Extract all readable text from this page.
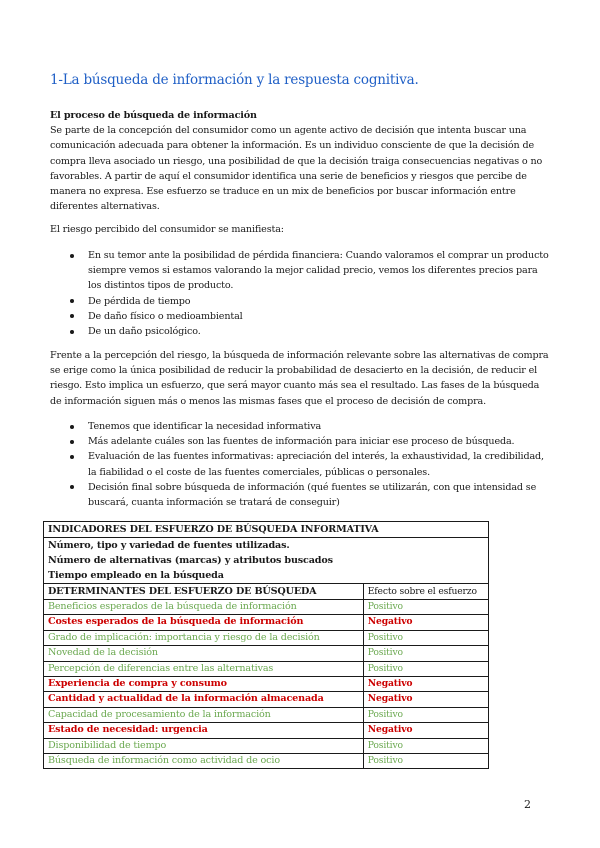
1-La búsqueda de información y la respuesta cognitiva.
El proceso de búsqueda de información
Se parte de la concepción del consumidor como un agente activo de decisión que intenta buscar una comunicación adecuada para obtener la información. Es un individuo consciente de que la decisión de compra lleva asociado un riesgo, una posibilidad de que la decisión traiga consecuencias negativas o no favorables. A partir de aquí el consumidor identifica una serie de beneficios y riesgos que percibe de manera no expresa. Ese esfuerzo se traduce en un mix de beneficios por buscar información entre diferentes alternativas.
El riesgo percibido del consumidor se manifiesta:
En su temor ante la posibilidad de pérdida financiera: Cuando valoramos el comprar un producto siempre vemos si estamos valorando la mejor calidad precio, vemos los diferentes precios para los distintos tipos de producto.
De pérdida de tiempo
De daño físico o medioambiental
De un daño psicológico.
Frente a la percepción del riesgo, la búsqueda de información relevante sobre las alternativas de compra se erige como la única posibilidad de reducir la probabilidad de desacierto en la decisión, de reducir el riesgo. Esto implica un esfuerzo, que será mayor cuanto más sea el resultado. Las fases de la búsqueda de información siguen más o menos las mismas fases que el proceso de decisión de compra.
Tenemos que identificar la necesidad informativa
Más adelante cuáles son las fuentes de información para iniciar ese proceso de búsqueda.
Evaluación de las fuentes informativas: apreciación del interés, la exhaustividad, la credibilidad, la fiabilidad o el coste de las fuentes comerciales, públicas o personales.
Decisión final sobre búsqueda de información (qué fuentes se utilizarán, con que intensidad se buscará, cuanta información se tratará de conseguir)
INDICADORES DEL ESFUERZO DE BÚSQUEDA INFORMATIVA	

Número, tipo y variedad de fuentes utilizadas.
Número de alternativas (marcas) y atributos buscados
Tiempo empleado en la búsqueda	

DETERMINANTES DEL ESFUERZO DE BÚSQUEDA	Efecto sobre el esfuerzo
Beneficios esperados de la búsqueda de información	Positivo
Costes esperados de la búsqueda de información	Negativo
Grado de implicación: importancia y riesgo de la decisión	Positivo
Novedad de la decisión	Positivo
Percepción de diferencias entre las alternativas	Positivo
Experiencia de compra y consumo	Negativo
Cantidad y actualidad de la información almacenada	Negativo
Capacidad de procesamiento de la información	Positivo
Estado de necesidad: urgencia	Negativo
Disponibilidad de tiempo	Positivo
Búsqueda de información como actividad de ocio	Positivo
2
